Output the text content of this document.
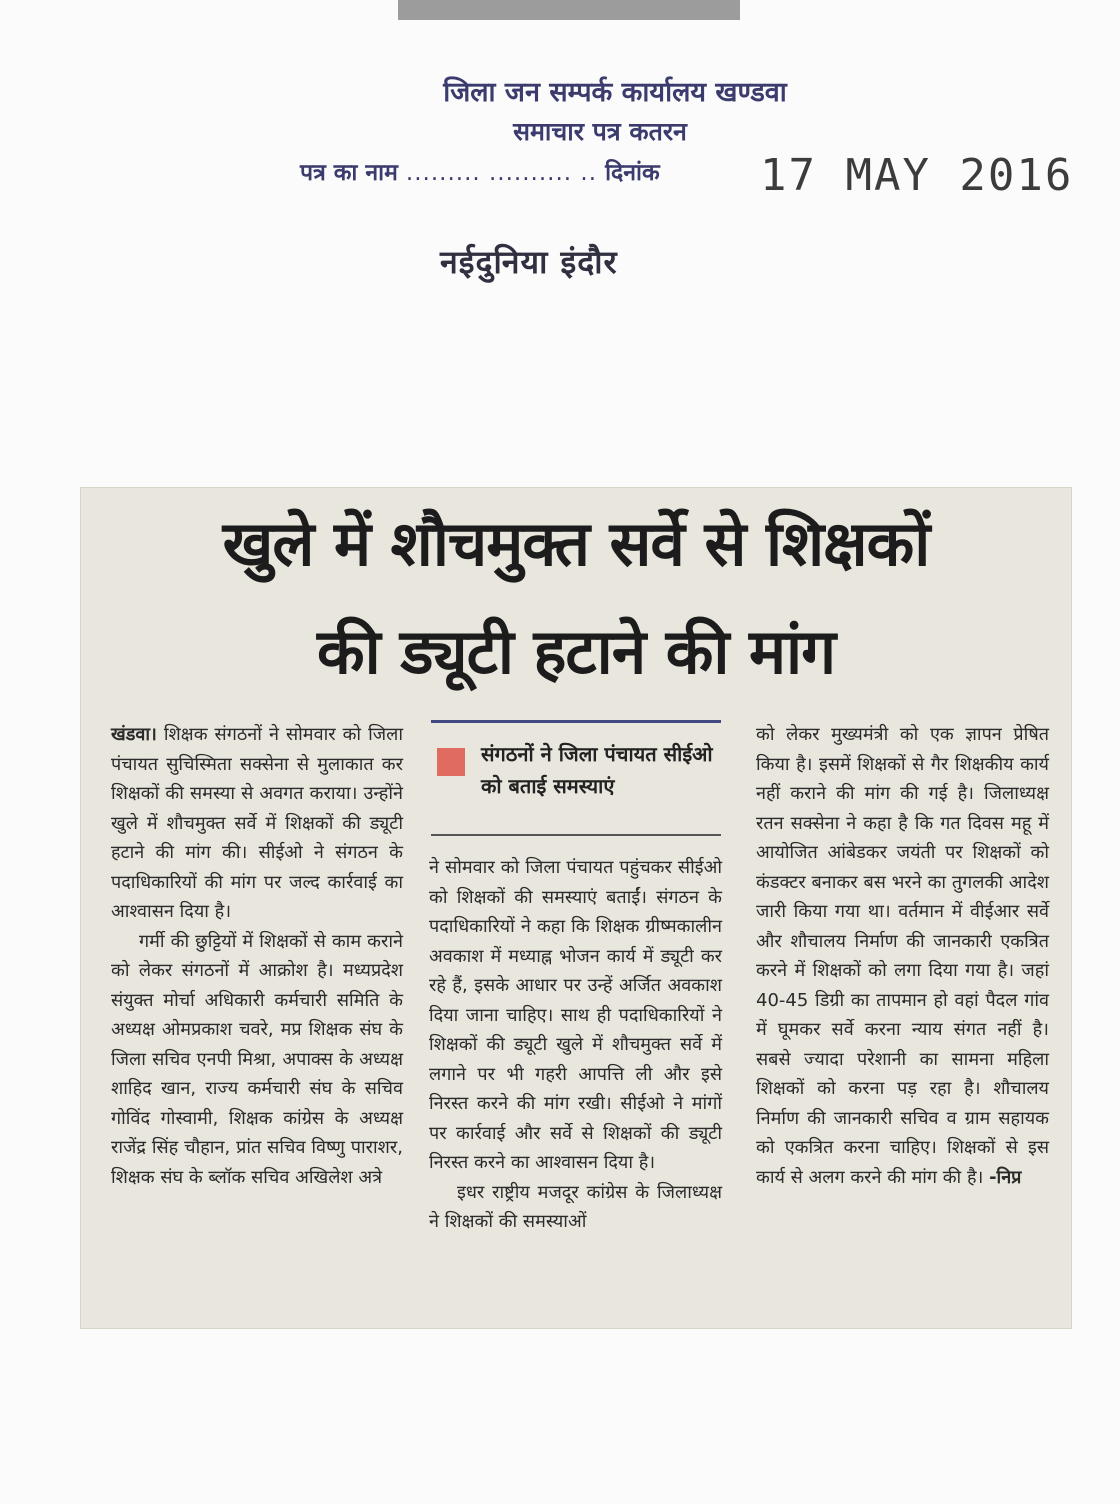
जिला जन सम्पर्क कार्यालय खण्डवा
समाचार पत्र कतरन
पत्र का नाम ......... .......... .. दिनांक 17 MAY 2016
नईदुनिया इंदौर
खुले में शौचमुक्त सर्वे से शिक्षकों
की ड्यूटी हटाने की मांग

खंडवा। शिक्षक संगठनों ने सोमवार को जिला पंचायत सुचिस्मिता सक्सेना से मुलाकात कर शिक्षकों की समस्या से अवगत कराया। उन्होंने खुले में शौचमुक्त सर्वे में शिक्षकों की ड्यूटी हटाने की मांग की। सीईओ ने संगठन के पदाधिकारियों की मांग पर जल्द कार्रवाई का आश्वासन दिया है।

गर्मी की छुट्टियों में शिक्षकों से काम कराने को लेकर संगठनों में आक्रोश है। मध्यप्रदेश संयुक्त मोर्चा अधिकारी कर्मचारी समिति के अध्यक्ष ओमप्रकाश चवरे, मप्र शिक्षक संघ के जिला सचिव एनपी मिश्रा, अपाक्स के अध्यक्ष शाहिद खान, राज्य कर्मचारी संघ के सचिव गोविंद गोस्वामी, शिक्षक कांग्रेस के अध्यक्ष राजेंद्र सिंह चौहान, प्रांत सचिव विष्णु पाराशर, शिक्षक संघ के ब्लॉक सचिव अखिलेश अत्रे

संगठनों ने जिला पंचायत सीईओ को बताई समस्याएं

ने सोमवार को जिला पंचायत पहुंचकर सीईओ को शिक्षकों की समस्याएं बताईं। संगठन के पदाधिकारियों ने कहा कि शिक्षक ग्रीष्मकालीन अवकाश में मध्याह्न भोजन कार्य में ड्यूटी कर रहे हैं, इसके आधार पर उन्हें अर्जित अवकाश दिया जाना चाहिए। साथ ही पदाधिकारियों ने शिक्षकों की ड्यूटी खुले में शौचमुक्त सर्वे में लगाने पर भी गहरी आपत्ति ली और इसे निरस्त करने की मांग रखी। सीईओ ने मांगों पर कार्रवाई और सर्वे से शिक्षकों की ड्यूटी निरस्त करने का आश्वासन दिया है।

इधर राष्ट्रीय मजदूर कांग्रेस के जिलाध्यक्ष ने शिक्षकों की समस्याओं

को लेकर मुख्यमंत्री को एक ज्ञापन प्रेषित किया है। इसमें शिक्षकों से गैर शिक्षकीय कार्य नहीं कराने की मांग की गई है। जिलाध्यक्ष रतन सक्सेना ने कहा है कि गत दिवस महू में आयोजित आंबेडकर जयंती पर शिक्षकों को कंडक्टर बनाकर बस भरने का तुगलकी आदेश जारी किया गया था। वर्तमान में वीईआर सर्वे और शौचालय निर्माण की जानकारी एकत्रित करने में शिक्षकों को लगा दिया गया है। जहां 40-45 डिग्री का तापमान हो वहां पैदल गांव में घूमकर सर्वे करना न्याय संगत नहीं है। सबसे ज्यादा परेशानी का सामना महिला शिक्षकों को करना पड़ रहा है। शौचालय निर्माण की जानकारी सचिव व ग्राम सहायक को एकत्रित करना चाहिए। शिक्षकों से इस कार्य से अलग करने की मांग की है। -निप्र
